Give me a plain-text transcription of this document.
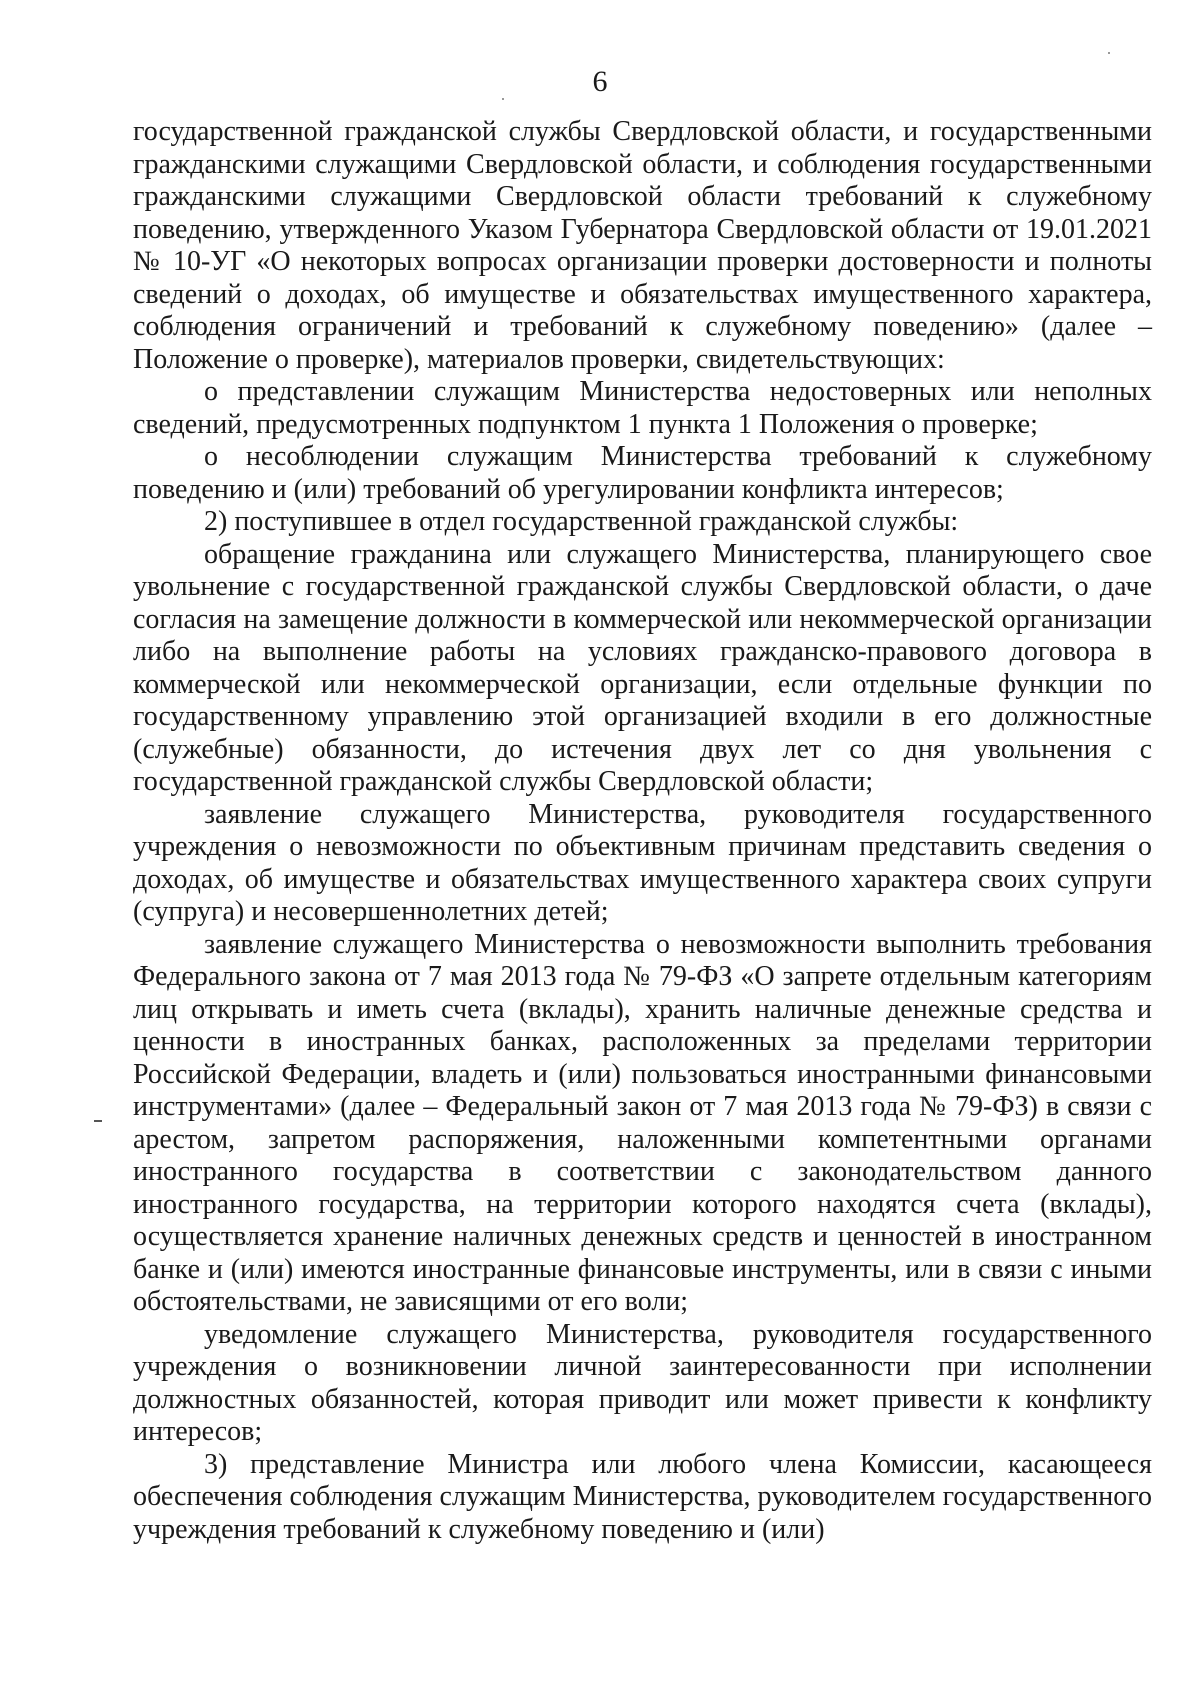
6

государственной гражданской службы Свердловской области, и государственными гражданскими служащими Свердловской области, и соблюдения государственными гражданскими служащими Свердловской области требований к служебному поведению, утвержденного Указом Губернатора Свердловской области от 19.01.2021 № 10-УГ «О некоторых вопросах организации проверки достоверности и полноты сведений о доходах, об имуществе и обязательствах имущественного характера, соблюдения ограничений и требований к служебному поведению» (далее – Положение о проверке), материалов проверки, свидетельствующих:

о представлении служащим Министерства недостоверных или неполных сведений, предусмотренных подпунктом 1 пункта 1 Положения о проверке;

о несоблюдении служащим Министерства требований к служебному поведению и (или) требований об урегулировании конфликта интересов;

2) поступившее в отдел государственной гражданской службы:

обращение гражданина или служащего Министерства, планирующего свое увольнение с государственной гражданской службы Свердловской области, о даче согласия на замещение должности в коммерческой или некоммерческой организации либо на выполнение работы на условиях гражданско-правового договора в коммерческой или некоммерческой организации, если отдельные функции по государственному управлению этой организацией входили в его должностные (служебные) обязанности, до истечения двух лет со дня увольнения с государственной гражданской службы Свердловской области;

заявление служащего Министерства, руководителя государственного учреждения о невозможности по объективным причинам представить сведения о доходах, об имуществе и обязательствах имущественного характера своих супруги (супруга) и несовершеннолетних детей;

заявление служащего Министерства о невозможности выполнить требования Федерального закона от 7 мая 2013 года № 79-ФЗ «О запрете отдельным категориям лиц открывать и иметь счета (вклады), хранить наличные денежные средства и ценности в иностранных банках, расположенных за пределами территории Российской Федерации, владеть и (или) пользоваться иностранными финансовыми инструментами» (далее – Федеральный закон от 7 мая 2013 года № 79-ФЗ) в связи с арестом, запретом распоряжения, наложенными компетентными органами иностранного государства в соответствии с законодательством данного иностранного государства, на территории которого находятся счета (вклады), осуществляется хранение наличных денежных средств и ценностей в иностранном банке и (или) имеются иностранные финансовые инструменты, или в связи с иными обстоятельствами, не зависящими от его воли;

уведомление служащего Министерства, руководителя государственного учреждения о возникновении личной заинтересованности при исполнении должностных обязанностей, которая приводит или может привести к конфликту интересов;

3) представление Министра или любого члена Комиссии, касающееся обеспечения соблюдения служащим Министерства, руководителем государственного учреждения требований к служебному поведению и (или)
